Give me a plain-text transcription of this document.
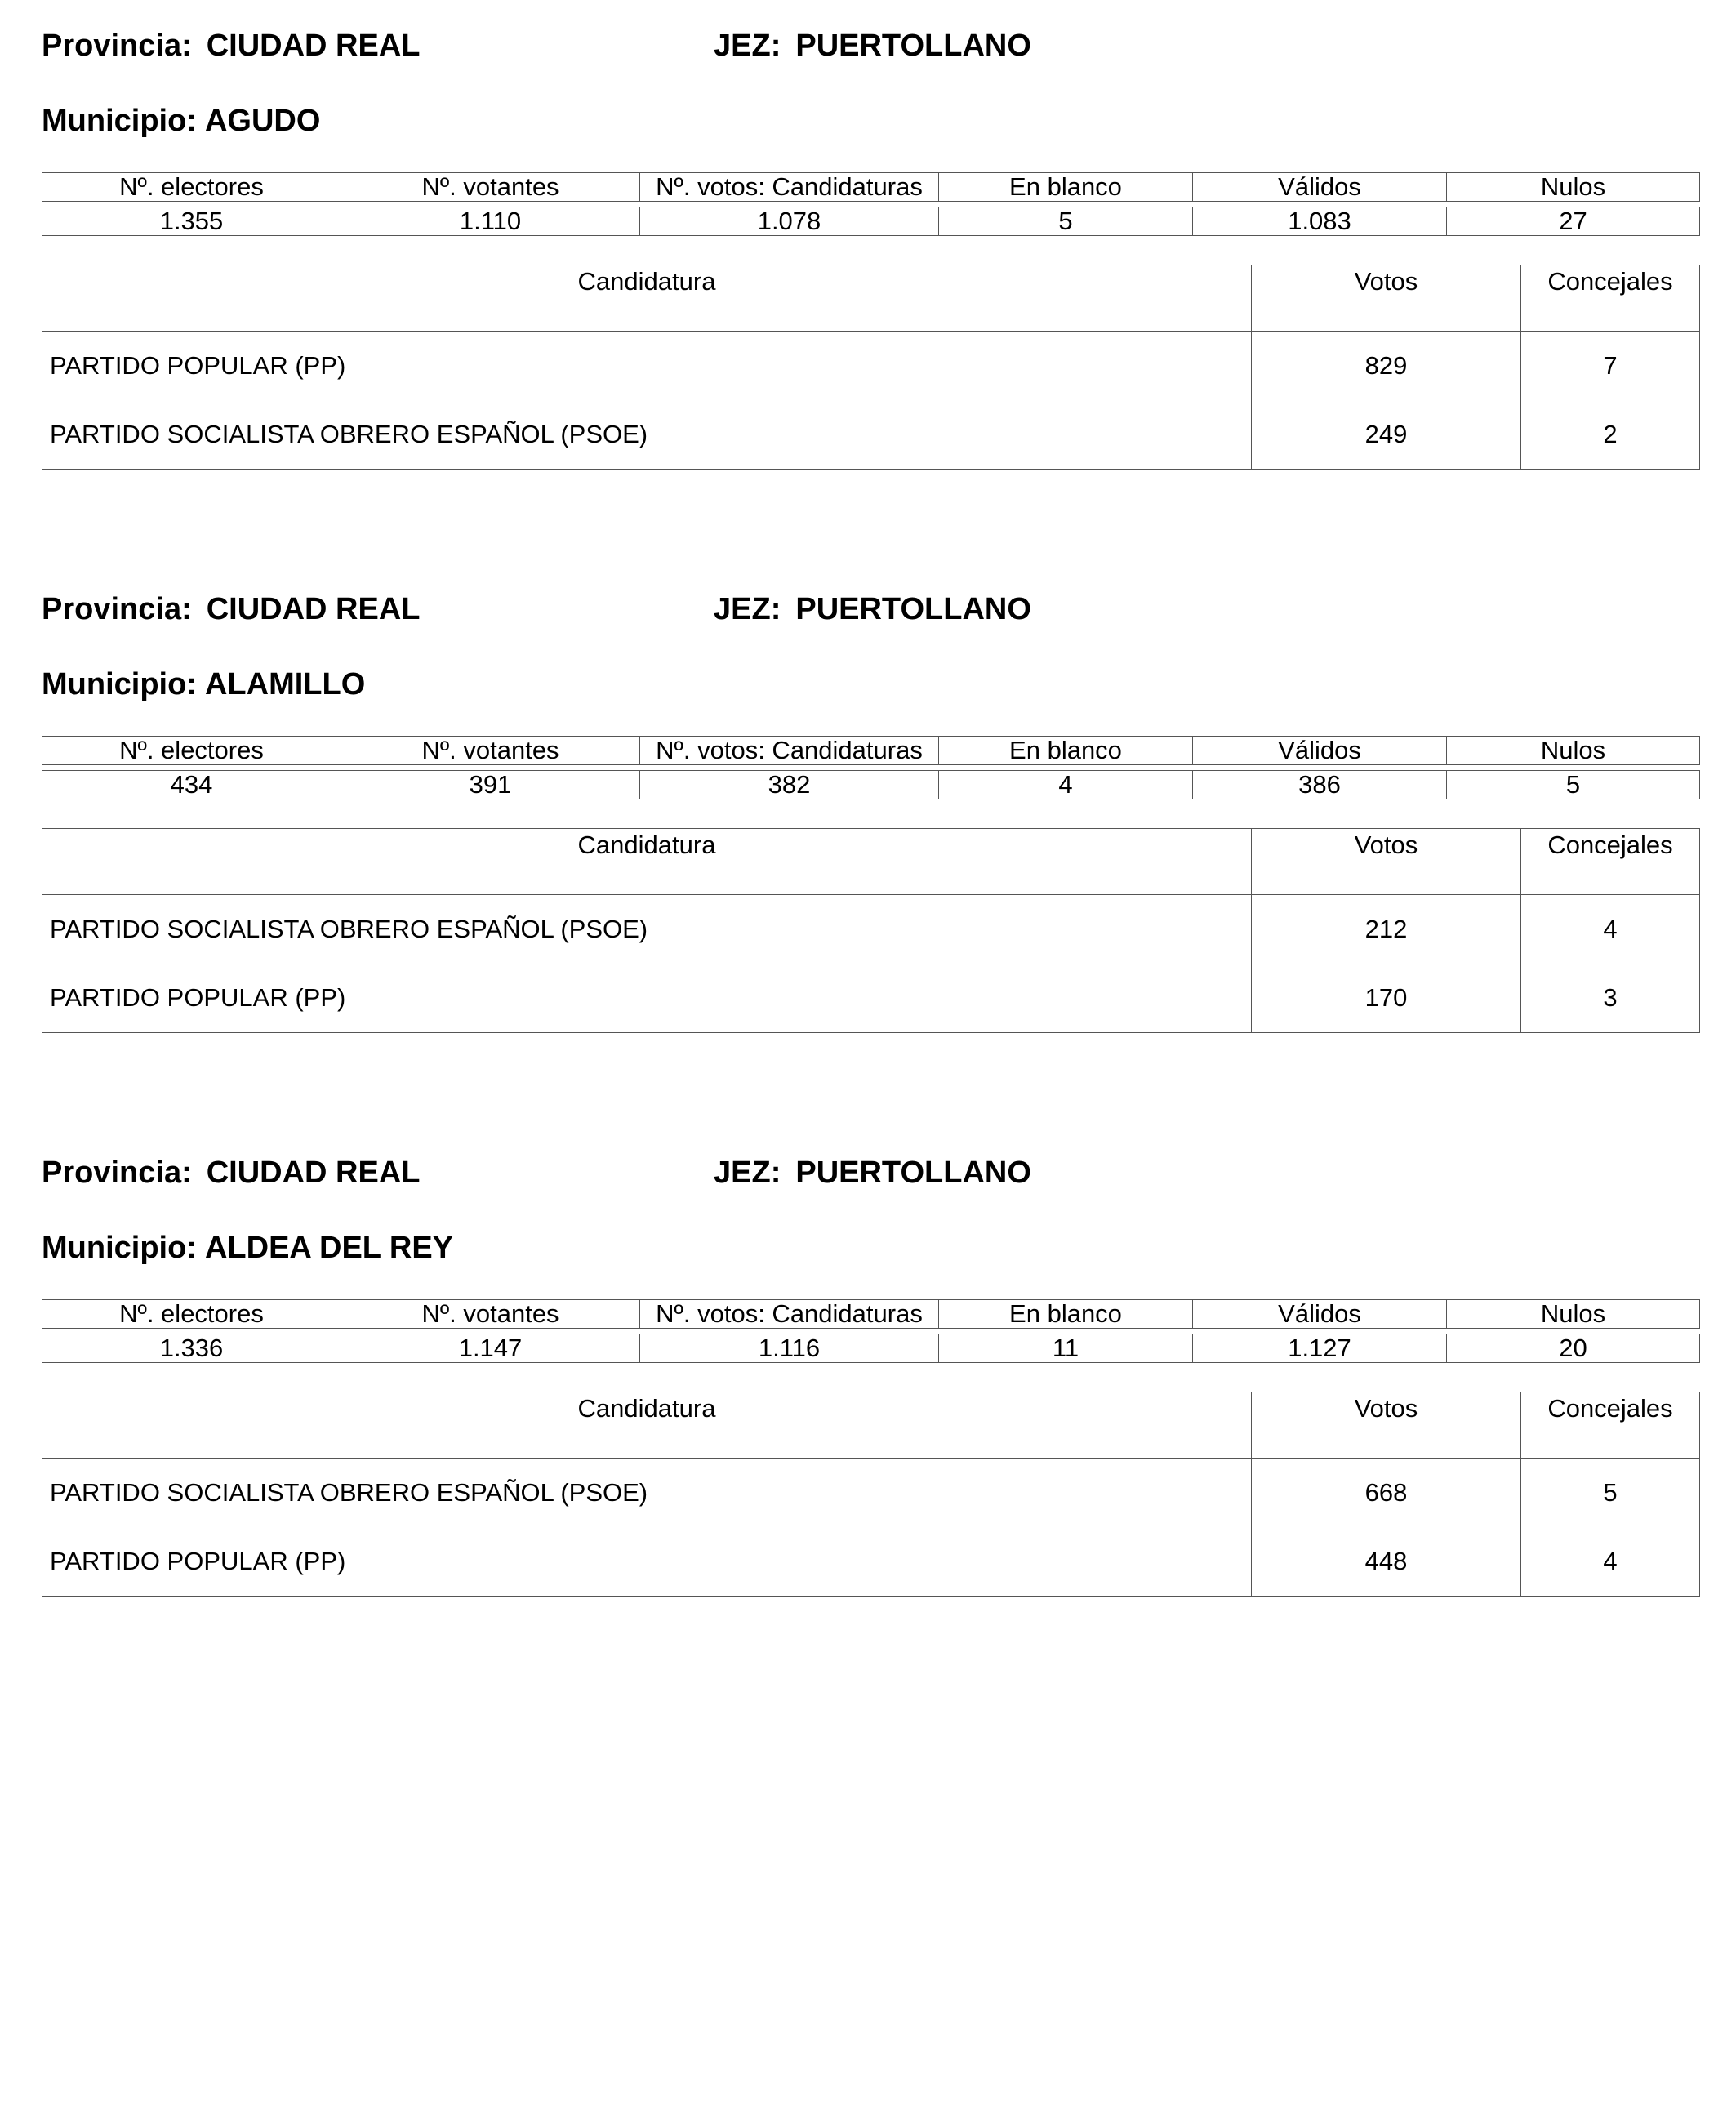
Provincia: CIUDAD REAL	JEZ: PUERTOLLANO
Municipio: AGUDO
Nº. electores	Nº. votantes	Nº. votos: Candidaturas	En blanco	Válidos	Nulos

1.355	1.110	1.078	5	1.083	27
Candidatura	Votos	Concejales
PARTIDO POPULAR (PP)	829	7
PARTIDO SOCIALISTA OBRERO ESPAÑOL (PSOE)	249	2
Provincia: CIUDAD REAL	JEZ: PUERTOLLANO
Municipio: ALAMILLO
Nº. electores	Nº. votantes	Nº. votos: Candidaturas	En blanco	Válidos	Nulos

434	391	382	4	386	5
Candidatura	Votos	Concejales
PARTIDO SOCIALISTA OBRERO ESPAÑOL (PSOE)	212	4
PARTIDO POPULAR (PP)	170	3
Provincia: CIUDAD REAL	JEZ: PUERTOLLANO
Municipio: ALDEA DEL REY
Nº. electores	Nº. votantes	Nº. votos: Candidaturas	En blanco	Válidos	Nulos

1.336	1.147	1.116	11	1.127	20
Candidatura	Votos	Concejales
PARTIDO SOCIALISTA OBRERO ESPAÑOL (PSOE)	668	5
PARTIDO POPULAR (PP)	448	4
